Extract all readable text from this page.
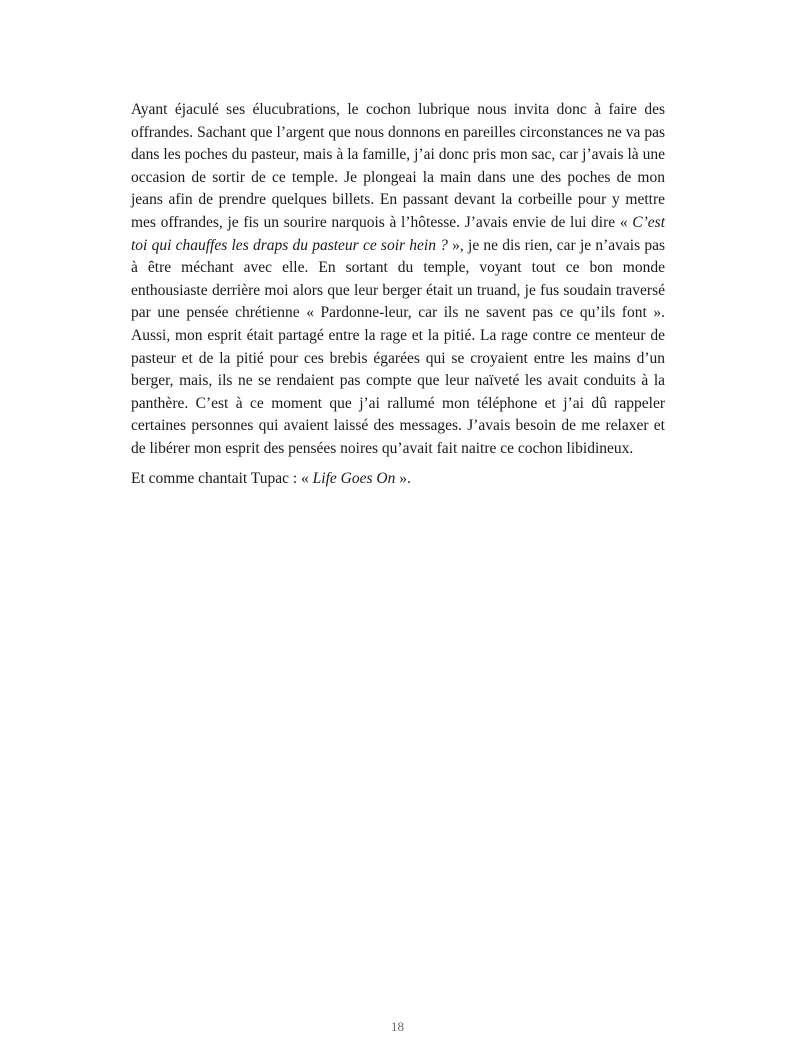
Ayant éjaculé ses élucubrations, le cochon lubrique nous invita donc à faire des offrandes. Sachant que l’argent que nous donnons en pareilles circonstances ne va pas dans les poches du pasteur, mais à la famille, j’ai donc pris mon sac, car j’avais là une occasion de sortir de ce temple. Je plongeai la main dans une des poches de mon jeans afin de prendre quelques billets. En passant devant la corbeille pour y mettre mes offrandes, je fis un sourire narquois à l’hôtesse. J’avais envie de lui dire « C’est toi qui chauffes les draps du pasteur ce soir hein ? », je ne dis rien, car je n’avais pas à être méchant avec elle. En sortant du temple, voyant tout ce bon monde enthousiaste derrière moi alors que leur berger était un truand, je fus soudain traversé par une pensée chrétienne « Pardonne-leur, car ils ne savent pas ce qu’ils font ». Aussi, mon esprit était partagé entre la rage et la pitié. La rage contre ce menteur de pasteur et de la pitié pour ces brebis égarées qui se croyaient entre les mains d’un berger, mais, ils ne se rendaient pas compte que leur naïveté les avait conduits à la panthère. C’est à ce moment que j’ai rallumé mon téléphone et j’ai dû rappeler certaines personnes qui avaient laissé des messages. J’avais besoin de me relaxer et de libérer mon esprit des pensées noires qu’avait fait naitre ce cochon libidineux.

Et comme chantait Tupac : « Life Goes On ».

18
